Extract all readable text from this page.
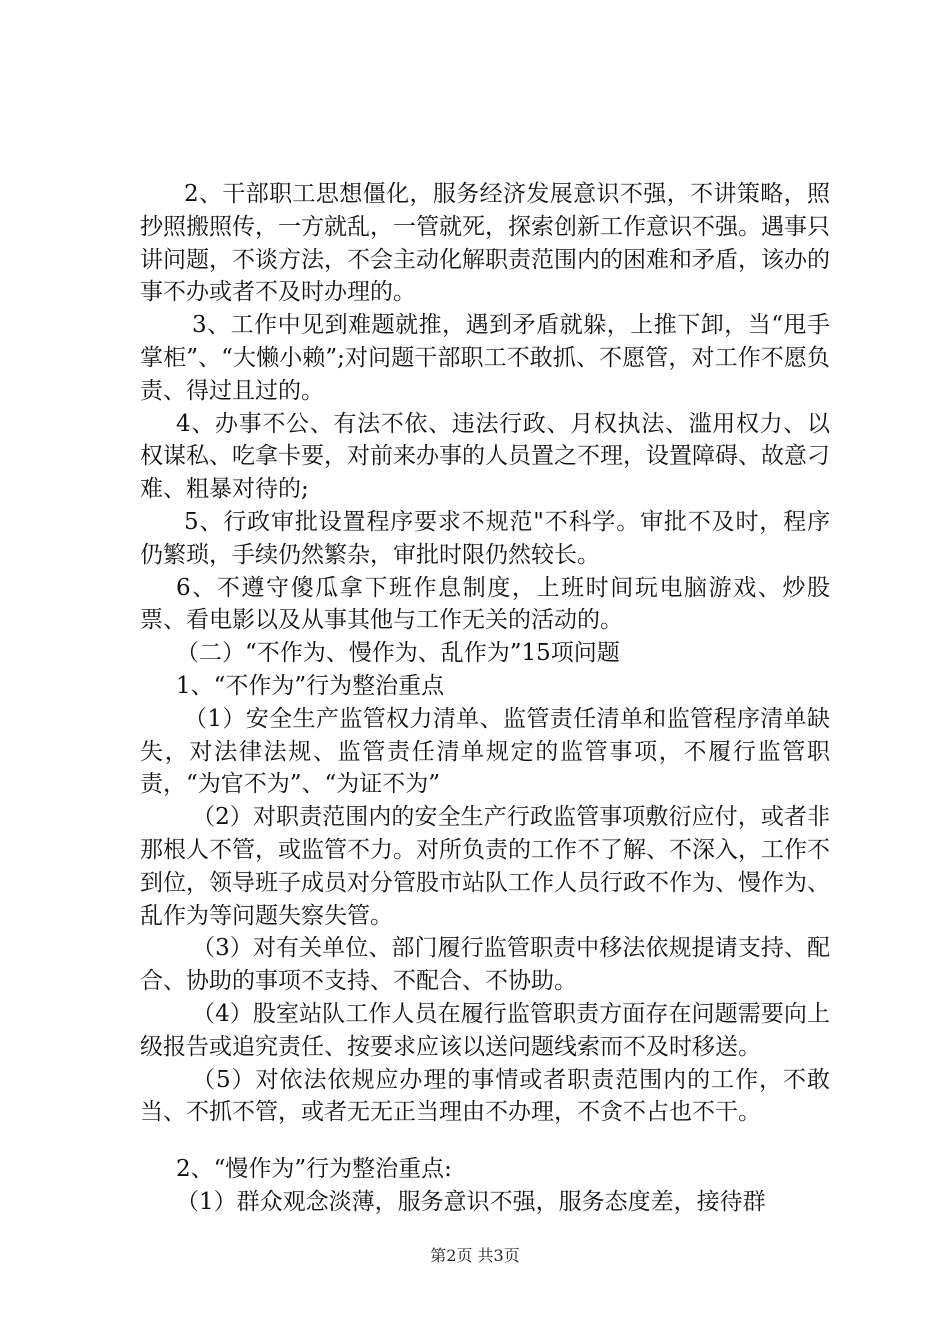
2、干部职工思想僵化，服务经济发展意识不强，不讲策略，照抄照搬照传，一方就乱，一管就死，探索创新工作意识不强。遇事只讲问题，不谈方法，不会主动化解职责范围内的困难和矛盾，该办的事不办或者不及时办理的。

3、工作中见到难题就推，遇到矛盾就躲，上推下卸，当“甩手掌柜”、“大懒小赖”;对问题干部职工不敢抓、不愿管，对工作不愿负责、得过且过的。

4、办事不公、有法不依、违法行政、月权执法、滥用权力、以权谋私、吃拿卡要，对前来办事的人员置之不理，设置障碍、故意刁难、粗暴对待的;

5、行政审批设置程序要求不规范"不科学。审批不及时，程序仍繁琐，手续仍然繁杂，审批时限仍然较长。

6、不遵守傻瓜拿下班作息制度，上班时间玩电脑游戏、炒股票、看电影以及从事其他与工作无关的活动的。

（二）“不作为、慢作为、乱作为”15项问题

1、“不作为”行为整治重点

（1）安全生产监管权力清单、监管责任清单和监管程序清单缺失，对法律法规、监管责任清单规定的监管事项，不履行监管职责，“为官不为”、“为证不为”

（2）对职责范围内的安全生产行政监管事项敷衍应付，或者非那根人不管，或监管不力。对所负责的工作不了解、不深入，工作不到位，领导班子成员对分管股市站队工作人员行政不作为、慢作为、乱作为等问题失察失管。

（3）对有关单位、部门履行监管职责中移法依规提请支持、配合、协助的事项不支持、不配合、不协助。

（4）股室站队工作人员在履行监管职责方面存在问题需要向上级报告或追究责任、按要求应该以送问题线索而不及时移送。

（5）对依法依规应办理的事情或者职责范围内的工作，不敢当、不抓不管，或者无无正当理由不办理，不贪不占也不干。

2、“慢作为”行为整治重点:

（1）群众观念淡薄，服务意识不强，服务态度差，接待群

第2页 共3页
